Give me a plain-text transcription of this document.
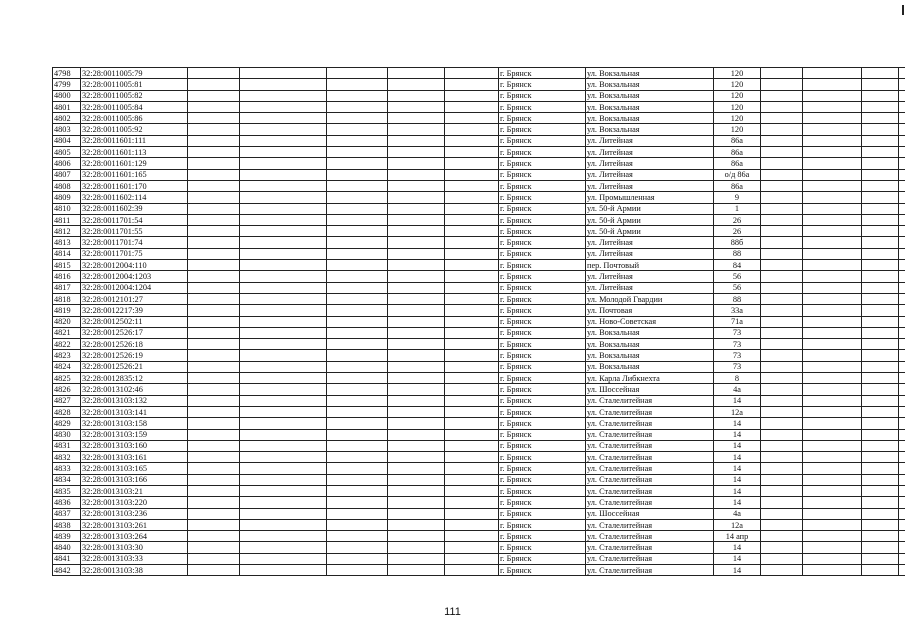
4798	32:28:0011005:79						г. Брянск	ул. Вокзальная	120				
4799	32:28:0011005:81						г. Брянск	ул. Вокзальная	120				
4800	32:28:0011005:82						г. Брянск	ул. Вокзальная	120				
4801	32:28:0011005:84						г. Брянск	ул. Вокзальная	120				
4802	32:28:0011005:86						г. Брянск	ул. Вокзальная	120				
4803	32:28:0011005:92						г. Брянск	ул. Вокзальная	120				
4804	32:28:0011601:111						г. Брянск	ул. Литейная	86а				
4805	32:28:0011601:113						г. Брянск	ул. Литейная	86а				
4806	32:28:0011601:129						г. Брянск	ул. Литейная	86а				
4807	32:28:0011601:165						г. Брянск	ул. Литейная	о/д 86а				
4808	32:28:0011601:170						г. Брянск	ул. Литейная	86а				
4809	32:28:0011602:114						г. Брянск	ул. Промышленная	9				
4810	32:28:0011602:39						г. Брянск	ул. 50-й Армии	1				
4811	32:28:0011701:54						г. Брянск	ул. 50-й Армии	26				
4812	32:28:0011701:55						г. Брянск	ул. 50-й Армии	26				
4813	32:28:0011701:74						г. Брянск	ул. Литейная	88б				
4814	32:28:0011701:75						г. Брянск	ул. Литейная	88				
4815	32:28:0012004:110						г. Брянск	пер. Почтовый	84				
4816	32:28:0012004:1203						г. Брянск	ул. Литейная	56				
4817	32:28:0012004:1204						г. Брянск	ул. Литейная	56				
4818	32:28:0012101:27						г. Брянск	ул. Молодой Гвардии	88				
4819	32:28:0012217:39						г. Брянск	ул. Почтовая	33а				
4820	32:28:0012502:11						г. Брянск	ул. Ново-Советская	71а				
4821	32:28:0012526:17						г. Брянск	ул. Вокзальная	73				
4822	32:28:0012526:18						г. Брянск	ул. Вокзальная	73				
4823	32:28:0012526:19						г. Брянск	ул. Вокзальная	73				
4824	32:28:0012526:21						г. Брянск	ул. Вокзальная	73				
4825	32:28:0012835:12						г. Брянск	ул. Карла Либкнехта	8				
4826	32:28:0013102:46						г. Брянск	ул. Шоссейная	4а				
4827	32:28:0013103:132						г. Брянск	ул. Сталелитейная	14				
4828	32:28:0013103:141						г. Брянск	ул. Сталелитейная	12а				
4829	32:28:0013103:158						г. Брянск	ул. Сталелитейная	14				
4830	32:28:0013103:159						г. Брянск	ул. Сталелитейная	14				
4831	32:28:0013103:160						г. Брянск	ул. Сталелитейная	14				
4832	32:28:0013103:161						г. Брянск	ул. Сталелитейная	14				
4833	32:28:0013103:165						г. Брянск	ул. Сталелитейная	14				
4834	32:28:0013103:166						г. Брянск	ул. Сталелитейная	14				
4835	32:28:0013103:21						г. Брянск	ул. Сталелитейная	14				
4836	32:28:0013103:220						г. Брянск	ул. Сталелитейная	14				
4837	32:28:0013103:236						г. Брянск	ул. Шоссейная	4а				
4838	32:28:0013103:261						г. Брянск	ул. Сталелитейная	12а				
4839	32:28:0013103:264						г. Брянск	ул. Сталелитейная	14 апр				
4840	32:28:0013103:30						г. Брянск	ул. Сталелитейная	14				
4841	32:28:0013103:33						г. Брянск	ул. Сталелитейная	14				
4842	32:28:0013103:38						г. Брянск	ул. Сталелитейная	14				
111
